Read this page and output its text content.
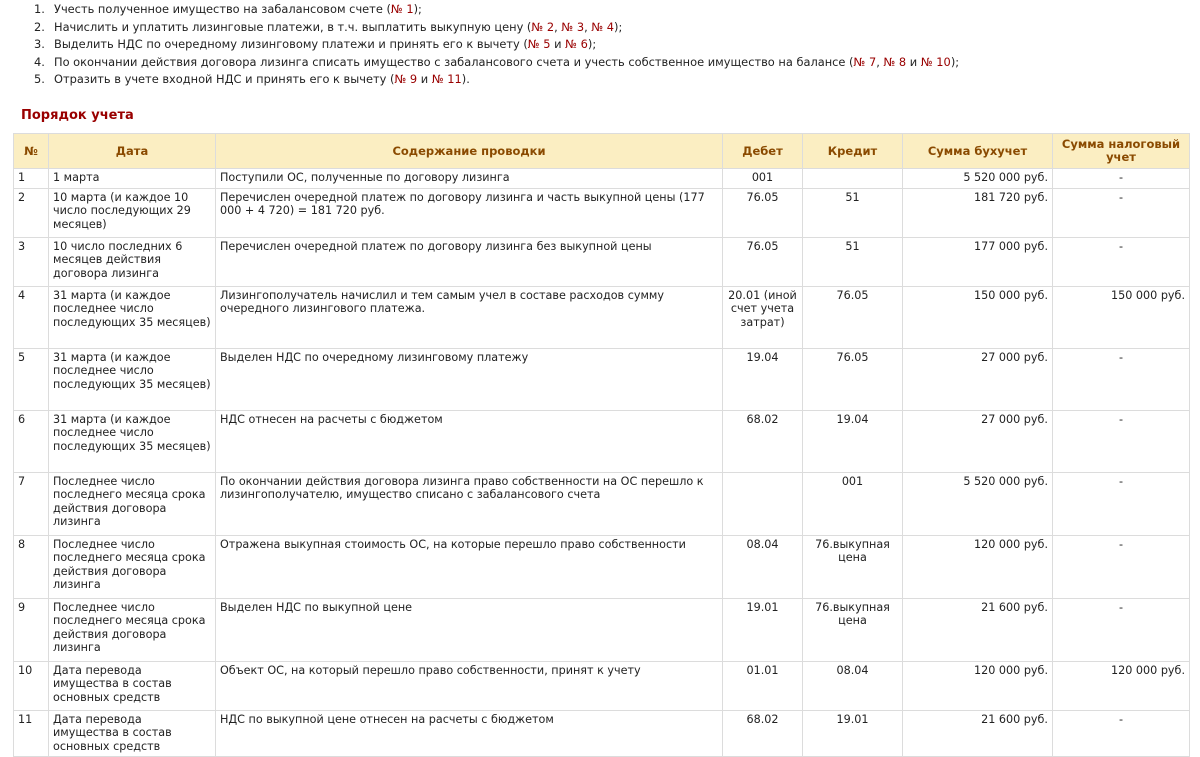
1. Учесть полученное имущество на забалансовом счете (№ 1);
2. Начислить и уплатить лизинговые платежи, в т.ч. выплатить выкупную цену (№ 2, № 3, № 4);
3. Выделить НДС по очередному лизинговому платежи и принять его к вычету (№ 5 и № 6);
4. По окончании действия договора лизинга списать имущество с забалансового счета и учесть собственное имущество на балансе (№ 7, № 8 и № 10);
5. Отразить в учете входной НДС и принять его к вычету (№ 9 и № 11).
Порядок учета
№	Дата	Содержание проводки	Дебет	Кредит	Сумма бухучет	Сумма налоговый учет
1	1 марта	Поступили ОС, полученные по договору лизинга	001		5 520 000 руб.	-
2	10 марта (и каждое 10 число последующих 29 месяцев)	Перечислен очередной платеж по договору лизинга и часть выкупной цены (177 000 + 4 720) = 181 720 руб.	76.05	51	181 720 руб.	-
3	10 число последних 6 месяцев действия договора лизинга	Перечислен очередной платеж по договору лизинга без выкупной цены	76.05	51	177 000 руб.	-
4	31 марта (и каждое последнее число последующих 35 месяцев)	Лизингополучатель начислил и тем самым учел в составе расходов сумму очередного лизингового платежа.	20.01 (иной счет учета затрат)	76.05	150 000 руб.	150 000 руб.
5	31 марта (и каждое последнее число последующих 35 месяцев)	Выделен НДС по очередному лизинговому платежу	19.04	76.05	27 000 руб.	-
6	31 марта (и каждое последнее число последующих 35 месяцев)	НДС отнесен на расчеты с бюджетом	68.02	19.04	27 000 руб.	-
7	Последнее число последнего месяца срока действия договора лизинга	По окончании действия договора лизинга право собственности на ОС перешло к лизингополучателю, имущество списано с забалансового счета		001	5 520 000 руб.	-
8	Последнее число последнего месяца срока действия договора лизинга	Отражена выкупная стоимость ОС, на которые перешло право собственности	08.04	76.выкупная цена	120 000 руб.	-
9	Последнее число последнего месяца срока действия договора лизинга	Выделен НДС по выкупной цене	19.01	76.выкупная цена	21 600 руб.	-
10	Дата перевода имущества в состав основных средств	Объект ОС, на который перешло право собственности, принят к учету	01.01	08.04	120 000 руб.	120 000 руб.
11	Дата перевода имущества в состав основных средств	НДС по выкупной цене отнесен на расчеты с бюджетом	68.02	19.01	21 600 руб.	-
